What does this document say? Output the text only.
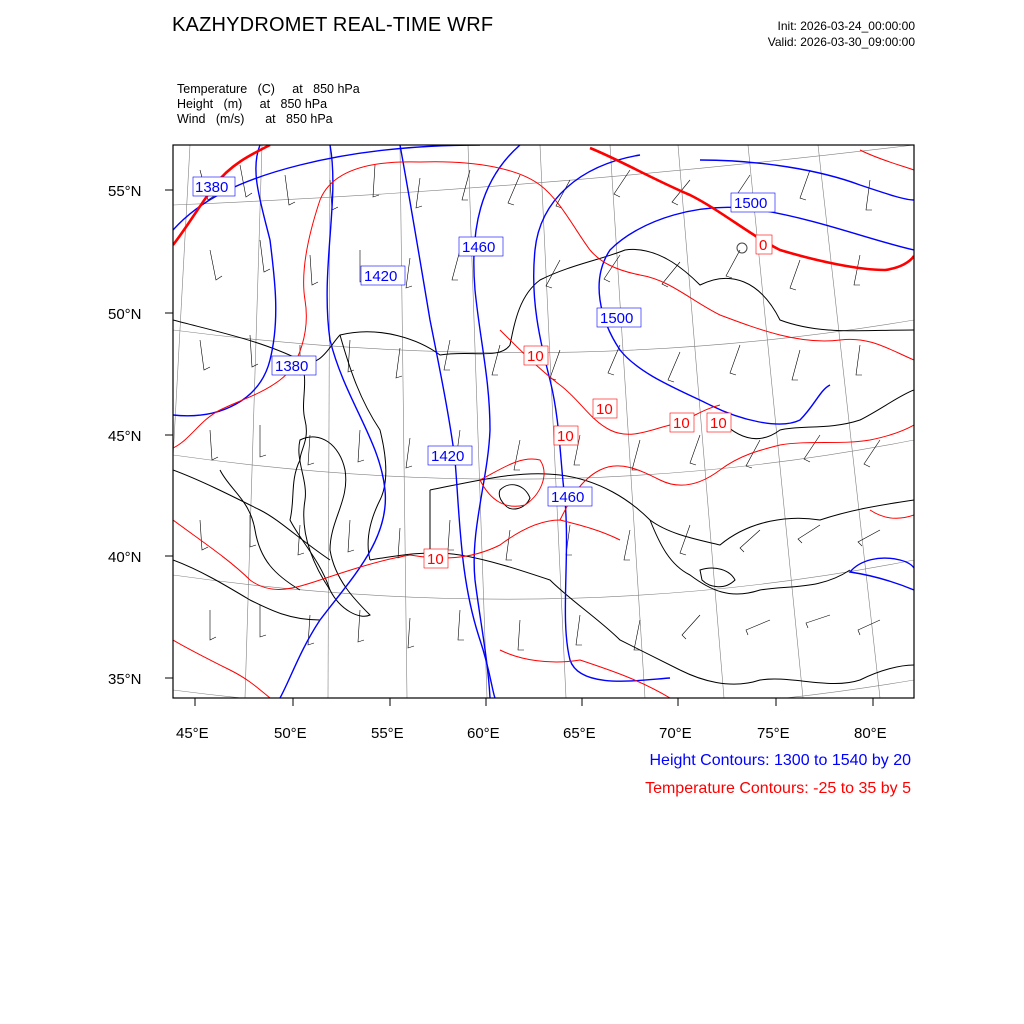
KAZHYDROMET REAL-TIME WRF	Init: 2026-03-24_00:00:00
Valid: 2026-03-30_09:00:00
Temperature   (C)     at   850 hPa
Height   (m)     at   850 hPa
Wind   (m/s)      at   850 hPa
55°N
50°N
45°N
40°N
35°N
45°E	50°E	55°E	60°E	65°E	70°E	75°E	80°E
1380
1420
1460
1500
1380
1500
1420
1460
0
10
10
10
10 10
10
Height Contours: 1300 to 1540 by 20
Temperature Contours: -25 to 35 by 5
